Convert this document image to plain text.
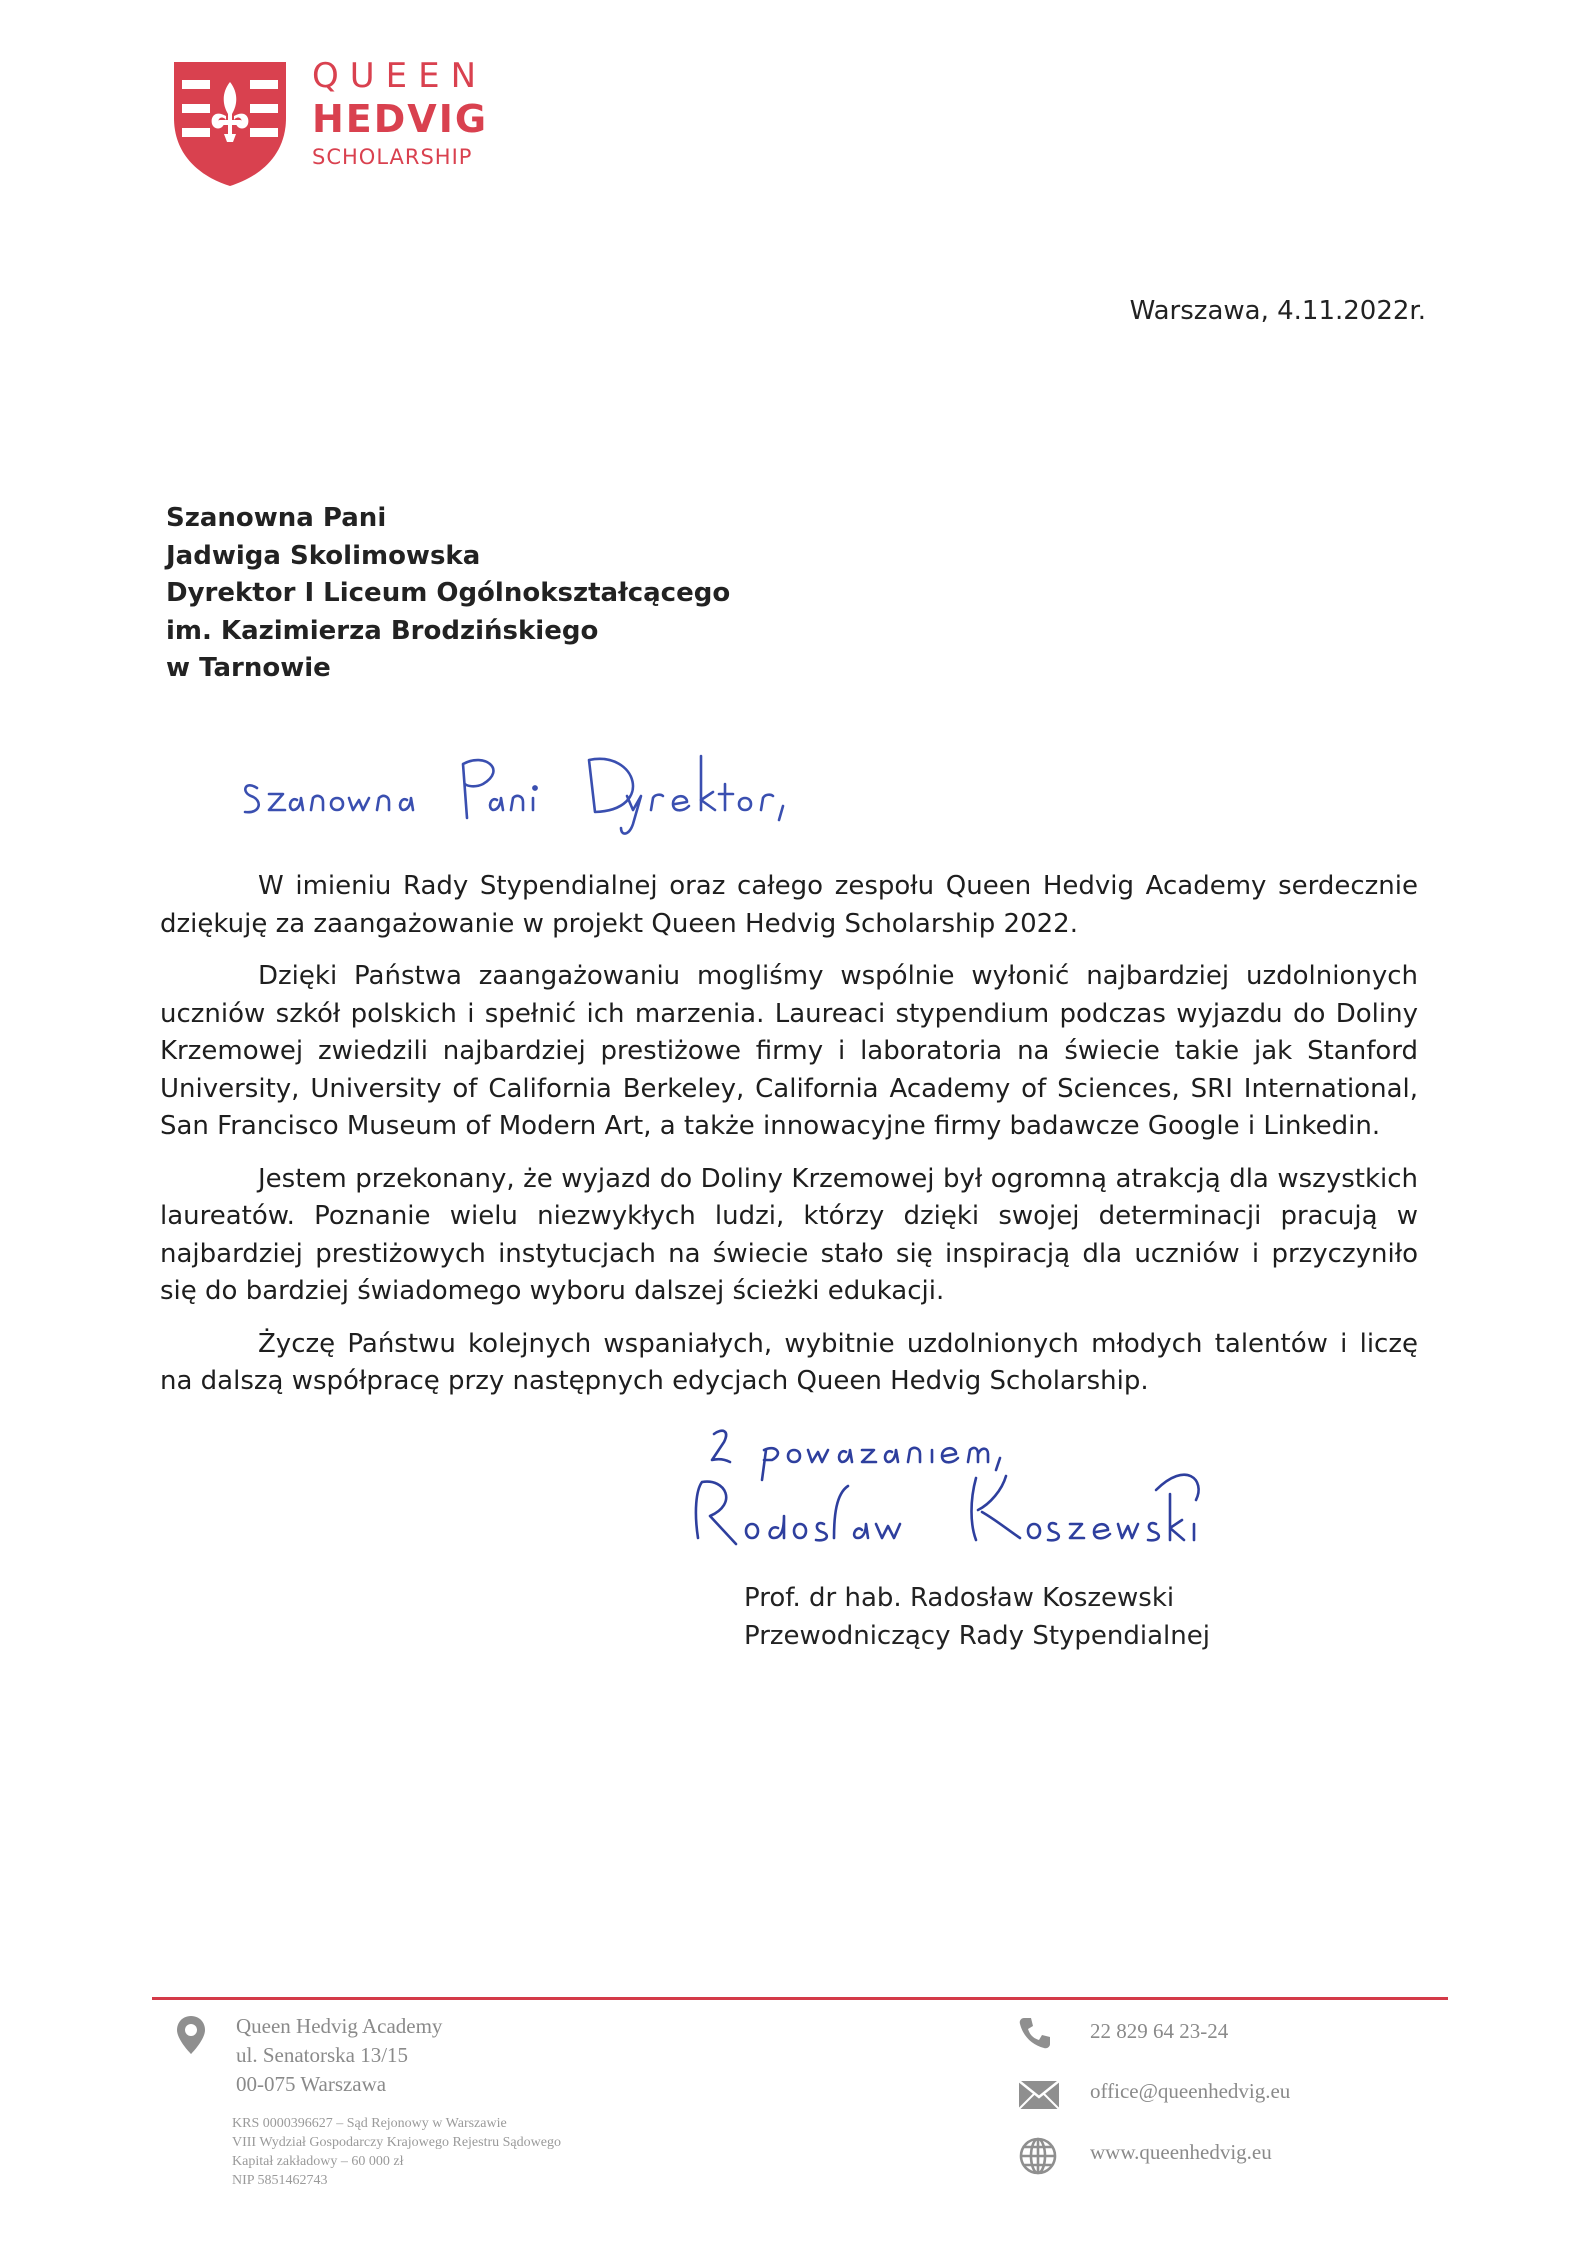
QUEEN
HEDVIG
SCHOLARSHIP
Warszawa, 4.11.2022r.
Szanowna Pani
Jadwiga Skolimowska
Dyrektor I Liceum Ogólnokształcącego
im. Kazimierza Brodzińskiego
w Tarnowie

W imieniu Rady Stypendialnej oraz całego zespołu Queen Hedvig Academy serdecznie dziękuję za zaangażowanie w projekt Queen Hedvig Scholarship 2022.

Dzięki Państwa zaangażowaniu mogliśmy wspólnie wyłonić najbardziej uzdolnionych uczniów szkół polskich i spełnić ich marzenia. Laureaci stypendium podczas wyjazdu do Doliny Krzemowej zwiedzili najbardziej prestiżowe firmy i laboratoria na świecie takie jak Stanford University, University of California Berkeley, California Academy of Sciences, SRI International, San Francisco Museum of Modern Art, a także innowacyjne firmy badawcze Google i Linkedin.

Jestem przekonany, że wyjazd do Doliny Krzemowej był ogromną atrakcją dla wszystkich laureatów. Poznanie wielu niezwykłych ludzi, którzy dzięki swojej determinacji pracują w najbardziej prestiżowych instytucjach na świecie stało się inspiracją dla uczniów i przyczyniło się do bardziej świadomego wyboru dalszej ścieżki edukacji.

Życzę Państwu kolejnych wspaniałych, wybitnie uzdolnionych młodych talentów i liczę na dalszą współpracę przy następnych edycjach Queen Hedvig Scholarship.

Prof. dr hab. Radosław Koszewski
Przewodniczący Rady Stypendialnej
Queen Hedvig Academy
ul. Senatorska 13/15
00-075 Warszawa
KRS 0000396627 – Sąd Rejonowy w Warszawie
VIII Wydział Gospodarczy Krajowego Rejestru Sądowego
Kapitał zakładowy – 60 000 zł
NIP 5851462743
22 829 64 23-24
office@queenhedvig.eu
www.queenhedvig.eu
